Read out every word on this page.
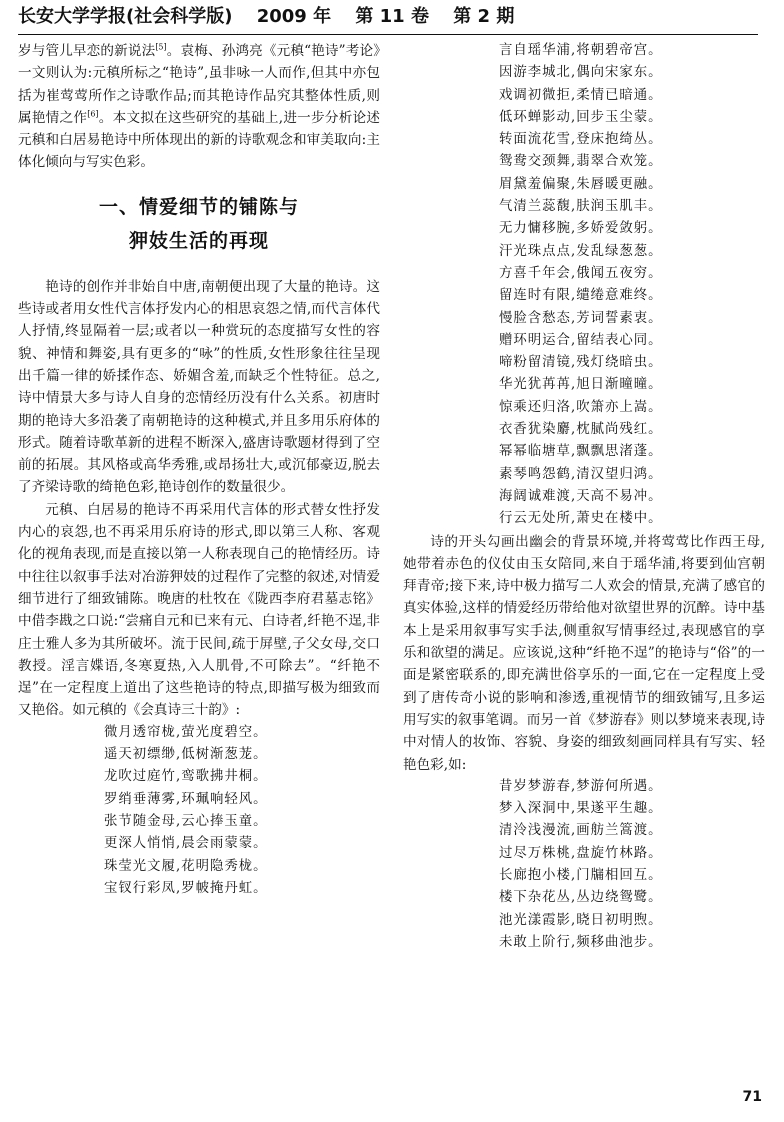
长安大学学报(社会科学版) 2009 年 第 11 卷 第 2 期

岁与管儿早恋的新说法[5]。袁梅、孙鸿亮《元稹“艳诗”考论》一文则认为:元稹所标之“艳诗”,虽非咏一人而作,但其中亦包括为崔莺莺所作之诗歌作品;而其艳诗作品究其整体性质,则属艳情之作[6]。本文拟在这些研究的基础上,进一步分析论述元稹和白居易艳诗中所体现出的新的诗歌观念和审美取向:主体化倾向与写实色彩。

一、情爱细节的铺陈与
狎妓生活的再现

艳诗的创作并非始自中唐,南朝便出现了大量的艳诗。这些诗或者用女性代言体抒发内心的相思哀怨之情,而代言体代人抒情,终显隔着一层;或者以一种赏玩的态度描写女性的容貌、神情和舞姿,具有更多的“咏”的性质,女性形象往往呈现出千篇一律的娇揉作态、娇媚含羞,而缺乏个性特征。总之,诗中情景大多与诗人自身的恋情经历没有什么关系。初唐时期的艳诗大多沿袭了南朝艳诗的这种模式,并且多用乐府体的形式。随着诗歌革新的进程不断深入,盛唐诗歌题材得到了空前的拓展。其风格或高华秀雅,或昂扬壮大,或沉郁豪迈,脱去了齐梁诗歌的绮艳色彩,艳诗创作的数量很少。

元稹、白居易的艳诗不再采用代言体的形式替女性抒发内心的哀怨,也不再采用乐府诗的形式,即以第三人称、客观化的视角表现,而是直接以第一人称表现自己的艳情经历。诗中往往以叙事手法对冶游狎妓的过程作了完整的叙述,对情爱细节进行了细致铺陈。晚唐的杜牧在《陇西李府君墓志铭》中借李戡之口说:“尝痛自元和已来有元、白诗者,纤艳不逞,非庄士雅人多为其所破坏。流于民间,疏于屏壁,子父女母,交口教授。淫言媟语,冬寒夏热,入人肌骨,不可除去”。“纤艳不逞”在一定程度上道出了这些艳诗的特点,即描写极为细致而又艳俗。如元稹的《会真诗三十韵》:

微月透帘栊,萤光度碧空。
遥天初缥缈,低树渐葱茏。
龙吹过庭竹,鸾歌拂井桐。
罗绡垂薄雾,环珮响轻风。
张节随金母,云心捧玉童。
更深人悄悄,晨会雨蒙蒙。
珠莹光文履,花明隐秀栊。
宝钗行彩凤,罗帔掩丹虹。
言自瑶华浦,将朝碧帝宫。
因游李城北,偶向宋家东。
戏调初微拒,柔情已暗通。
低环蝉影动,回步玉尘蒙。
转面流花雪,登床抱绮丛。
鸳鸯交颈舞,翡翠合欢笼。
眉黛羞偏聚,朱唇暖更融。
气清兰蕊馥,肤润玉肌丰。
无力慵移腕,多娇爱敛躬。
汗光珠点点,发乱绿葱葱。
方喜千年会,俄闻五夜穷。
留连时有限,缱绻意难终。
慢脸含愁态,芳词誓素衷。
赠环明运合,留结表心同。
啼粉留清镜,残灯绕暗虫。
华光犹苒苒,旭日渐曈曈。
惊乘还归洛,吹箫亦上嵩。
衣香犹染麝,枕腻尚残红。
幂幂临塘草,飘飘思渚蓬。
素琴鸣怨鹤,清汉望归鸿。
海阔诚难渡,天高不易冲。
行云无处所,萧史在楼中。

诗的开头勾画出幽会的背景环境,并将莺莺比作西王母,她带着赤色的仪仗由玉女陪同,来自于瑶华浦,将要到仙宫朝拜青帝;接下来,诗中极力描写二人欢会的情景,充满了感官的真实体验,这样的情爱经历带给他对欲望世界的沉醉。诗中基本上是采用叙事写实手法,侧重叙写情事经过,表现感官的享乐和欲望的满足。应该说,这种“纤艳不逞”的艳诗与“俗”的一面是紧密联系的,即充满世俗享乐的一面,它在一定程度上受到了唐传奇小说的影响和渗透,重视情节的细致铺写,且多运用写实的叙事笔调。而另一首《梦游春》则以梦境来表现,诗中对情人的妆饰、容貌、身姿的细致刻画同样具有写实、轻艳色彩,如:

昔岁梦游春,梦游何所遇。
梦入深洞中,果遂平生趣。
清泠浅漫流,画舫兰篙渡。
过尽万株桃,盘旋竹林路。
长廊抱小楼,门牖相回互。
楼下杂花丛,丛边绕鸳鹭。
池光漾霞影,晓日初明煦。
未敢上阶行,频移曲池步。
71
